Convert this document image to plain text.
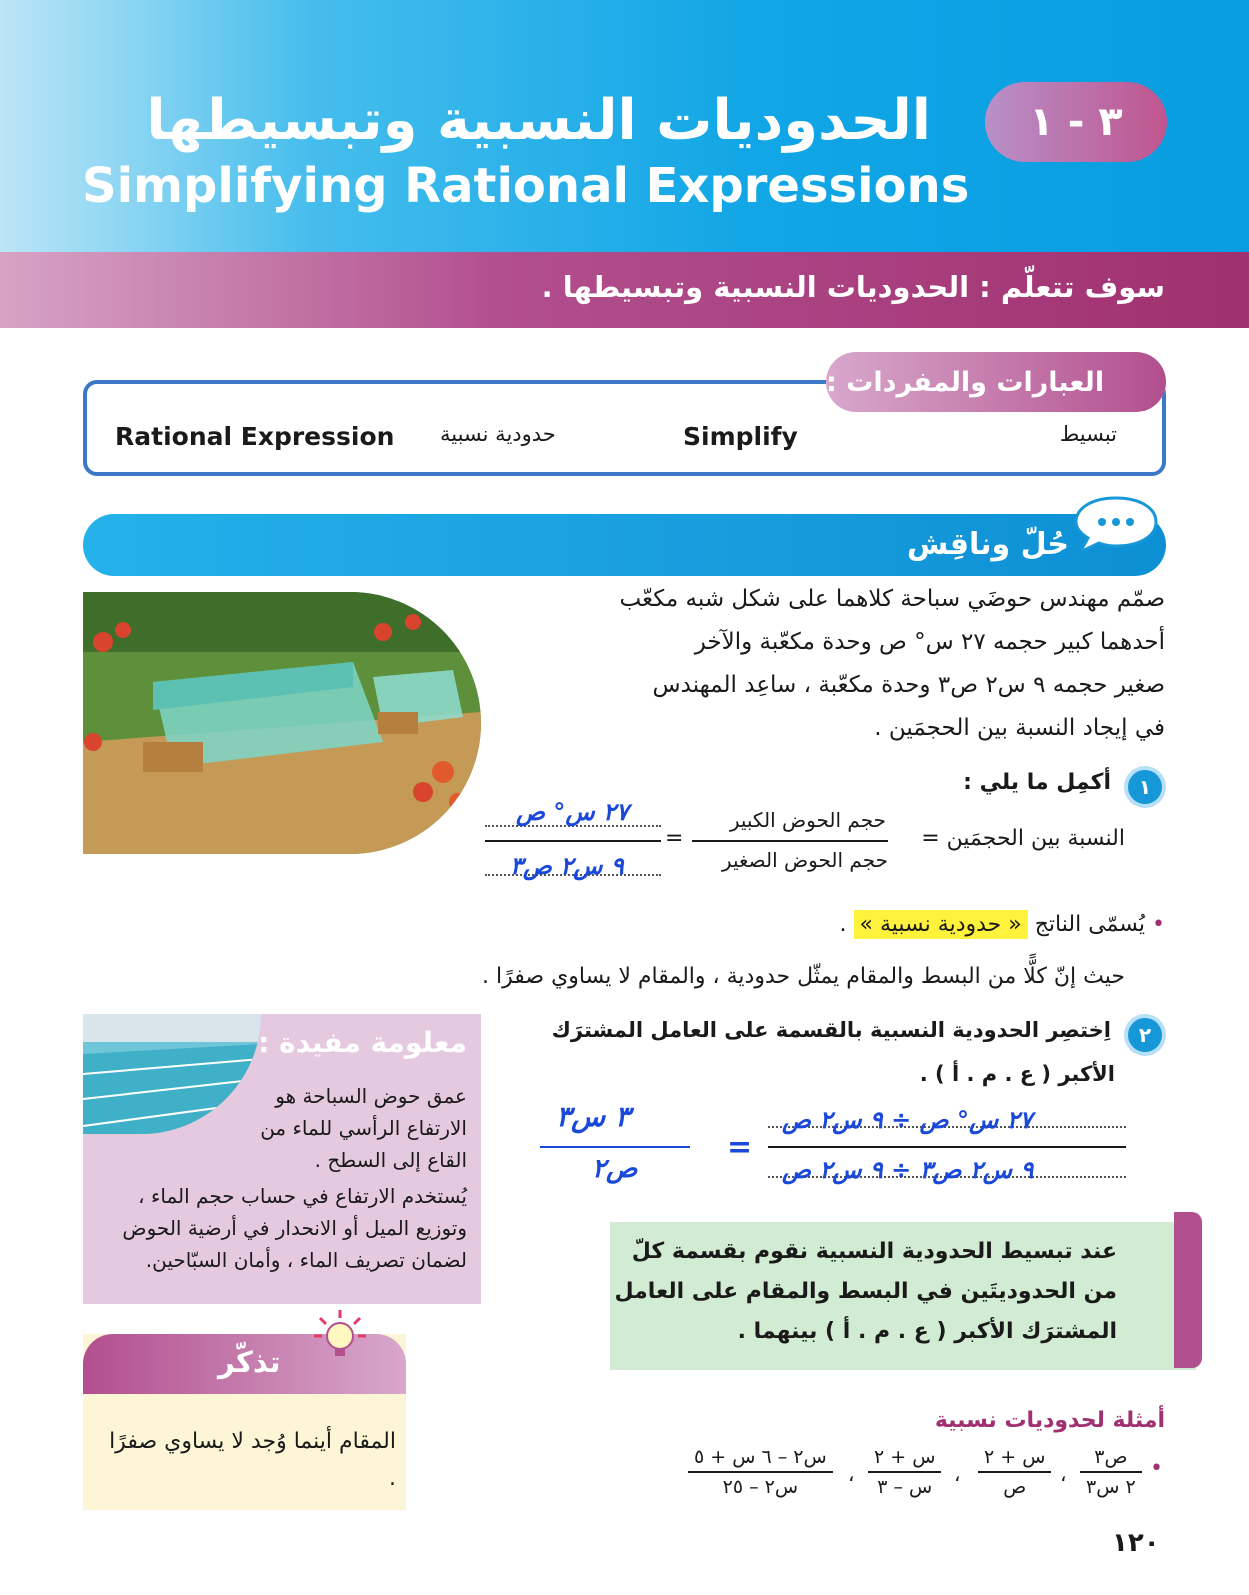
٣ - ١
الحدوديات النسبية وتبسيطها
Simplifying Rational Expressions
سوف تتعلّم : الحدوديات النسبية وتبسيطها .
العبارات والمفردات :
تبسيط
Simplify
حدودية نسبية
Rational Expression
حُلّ وناقِش
صمّم مهندس حوضَي سباحة كلاهما على شكل شبه مكعّب
أحدهما كبير حجمه ٢٧ س° ص وحدة مكعّبة والآخر
صغير حجمه ٩ س٢ ص٣ وحدة مكعّبة ، ساعِد المهندس
في إيجاد النسبة بين الحجمَين .
١
أكمِل ما يلي :
النسبة بين الحجمَين =
حجم الحوض الكبير
حجم الحوض الصغير
=
٢٧ س° ص
٩ س٢ ص٣
• يُسمّى الناتج « حدودية نسبية » .
حيث إنّ كلًّا من البسط والمقام يمثّل حدودية ، والمقام لا يساوي صفرًا .
٢
اِختصِر الحدودية النسبية بالقسمة على العامل المشترَك
الأكبر ( ع . م . أ ) .
٢٧ س° ص ÷ ٩ س٢ ص
٩ س٢ ص٣ ÷ ٩ س٢ ص
=
٣ س٣
ص٢
معلومة مفيدة :
عمق حوض السباحة هو
الارتفاع الرأسي للماء من
القاع إلى السطح .
يُستخدم الارتفاع في حساب حجم الماء ،
وتوزيع الميل أو الانحدار في أرضية الحوض
لضمان تصريف الماء ، وأمان السبّاحين.
تذكّر
المقام أينما وُجد لا يساوي صفرًا .
عند تبسيط الحدودية النسبية نقوم بقسمة كلّ
من الحدوديتَين في البسط والمقام على العامل
المشترَك الأكبر ( ع . م . أ ) بينهما .
أمثلة لحدوديات نسبية
•
ص٣
٢ س٣
،
س + ٢
ص
،
س + ٢
س – ٣
،
س٢ – ٦ س + ٥
س٢ – ٢٥
١٢٠
